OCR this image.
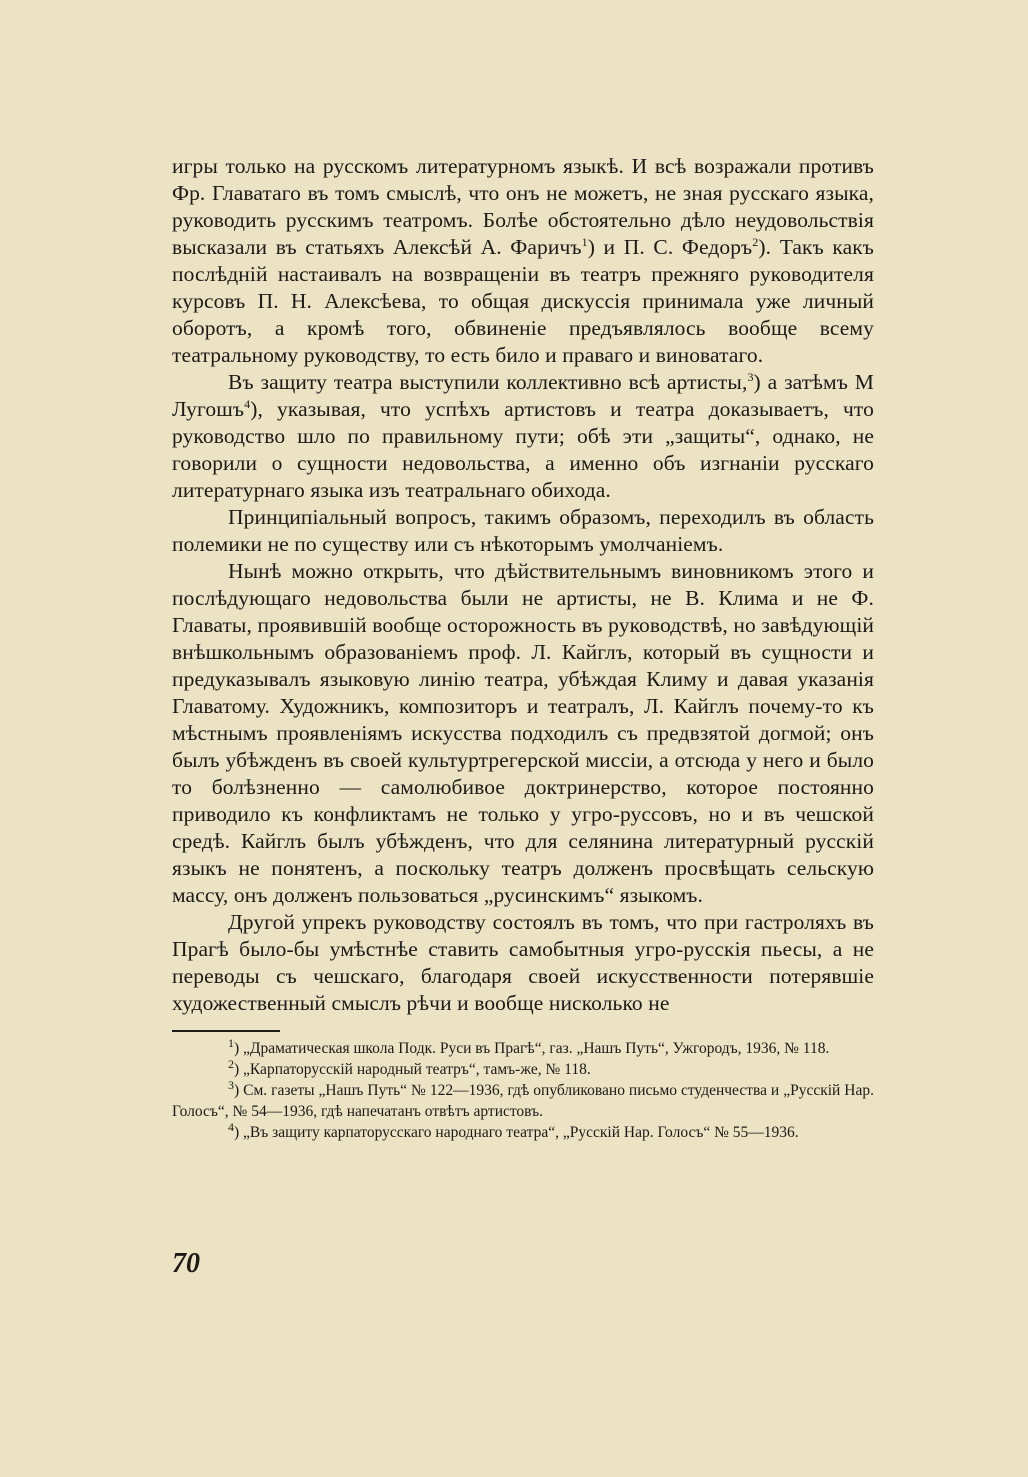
игры только на русскомъ литературномъ языкѣ. И всѣ возражали противъ Фр. Главатаго въ томъ смыслѣ, что онъ не можетъ, не зная русскаго языка, руководить русскимъ театромъ. Болѣе обстоятельно дѣло неудовольствія высказали въ статьяхъ Алексѣй А. Фаричъ$^1$) и П. С. Федоръ$^2$). Такъ какъ послѣдній настаивалъ на возвращеніи въ театръ прежняго руководителя курсовъ П. Н. Алексѣева, то общая дискуссія принимала уже личный оборотъ, а кромѣ того, обвиненіе предъявлялось вообще всему театральному руководству, то есть било и праваго и виноватаго.

Въ защиту театра выступили коллективно всѣ артисты,$^3$) а затѣмъ М Лугошъ$^4$), указывая, что успѣхъ артистовъ и театра доказываетъ, что руководство шло по правильному пути; обѣ эти „защиты“, однако, не говорили о сущности недовольства, а именно объ изгнаніи русскаго литературнаго языка изъ театральнаго обихода.

Принципіальный вопросъ, такимъ образомъ, переходилъ въ область полемики не по существу или съ нѣкоторымъ умолчаніемъ.

Нынѣ можно открыть, что дѣйствительнымъ виновникомъ этого и послѣдующаго недовольства были не артисты, не В. Клима и не Ф. Главаты, проявившій вообще осторожность въ руководствѣ, но завѣдующій внѣшкольнымъ образованіемъ проф. Л. Кайглъ, который въ сущности и предуказывалъ языковую линію театра, убѣждая Климу и давая указанія Главатому. Художникъ, композиторъ и театралъ, Л. Кайглъ почему-то къ мѣстнымъ проявленіямъ искусства подходилъ съ предвзятой догмой; онъ былъ убѣжденъ въ своей культуртрегерской миссіи, а отсюда у него и было то болѣзненно — самолюбивое доктринерство, которое постоянно приводило къ конфликтамъ не только у угро-руссовъ, но и въ чешской средѣ. Кайглъ былъ убѣжденъ, что для селянина литературный русскій языкъ не понятенъ, а поскольку театръ долженъ просвѣщать сельскую массу, онъ долженъ пользоваться „русинскимъ“ языкомъ.

Другой упрекъ руководству состоялъ въ томъ, что при гастроляхъ въ Прагѣ было-бы умѣстнѣе ставить самобытныя угро-русскія пьесы, а не переводы съ чешскаго, благодаря своей искусственности потерявшіе художественный смыслъ рѣчи и вообще нисколько не

$^1$) „Драматическая школа Подк. Руси въ Прагѣ“, газ. „Нашъ Путь“, Ужгородъ, 1936, № 118.

$^2$) „Карпаторусскій народный театръ“, тамъ-же, № 118.

$^3$) См. газеты „Нашъ Путь“ № 122—1936, гдѣ опубликовано письмо студенчества и „Русскій Нар. Голосъ“, № 54—1936, гдѣ напечатанъ отвѣтъ артистовъ.

$^4$) „Въ защиту карпаторусскаго народнаго театра“, „Русскій Нар. Голосъ“ № 55—1936.

70
